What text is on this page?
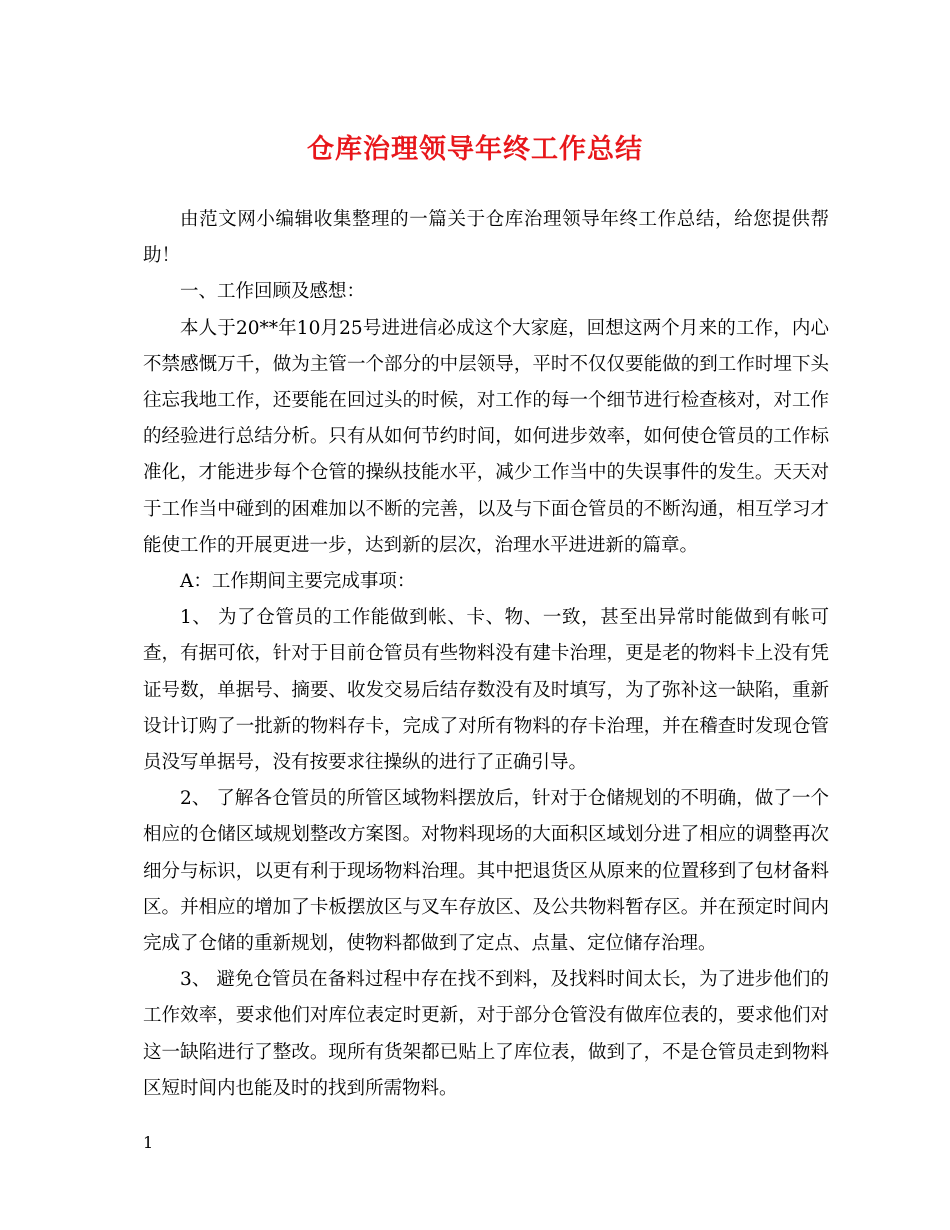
仓库治理领导年终工作总结

由范文网小编辑收集整理的一篇关于仓库治理领导年终工作总结，给您提供帮助！

一、工作回顾及感想：

本人于20**年10月25号进进信必成这个大家庭，回想这两个月来的工作，内心不禁感慨万千，做为主管一个部分的中层领导，平时不仅仅要能做的到工作时埋下头往忘我地工作，还要能在回过头的时候，对工作的每一个细节进行检查核对，对工作的经验进行总结分析。只有从如何节约时间，如何进步效率，如何使仓管员的工作标准化，才能进步每个仓管的操纵技能水平，减少工作当中的失误事件的发生。天天对于工作当中碰到的困难加以不断的完善，以及与下面仓管员的不断沟通，相互学习才能使工作的开展更进一步，达到新的层次，治理水平进进新的篇章。

A：工作期间主要完成事项：

1、 为了仓管员的工作能做到帐、卡、物、一致，甚至出异常时能做到有帐可查，有据可依，针对于目前仓管员有些物料没有建卡治理，更是老的物料卡上没有凭证号数，单据号、摘要、收发交易后结存数没有及时填写，为了弥补这一缺陷，重新设计订购了一批新的物料存卡，完成了对所有物料的存卡治理，并在稽查时发现仓管员没写单据号，没有按要求往操纵的进行了正确引导。

2、 了解各仓管员的所管区域物料摆放后，针对于仓储规划的不明确，做了一个相应的仓储区域规划整改方案图。对物料现场的大面积区域划分进了相应的调整再次细分与标识，以更有利于现场物料治理。其中把退货区从原来的位置移到了包材备料区。并相应的增加了卡板摆放区与叉车存放区、及公共物料暂存区。并在预定时间内完成了仓储的重新规划，使物料都做到了定点、点量、定位储存治理。

3、 避免仓管员在备料过程中存在找不到料，及找料时间太长，为了进步他们的工作效率，要求他们对库位表定时更新，对于部分仓管没有做库位表的，要求他们对这一缺陷进行了整改。现所有货架都已贴上了库位表，做到了，不是仓管员走到物料区短时间内也能及时的找到所需物料。

1
